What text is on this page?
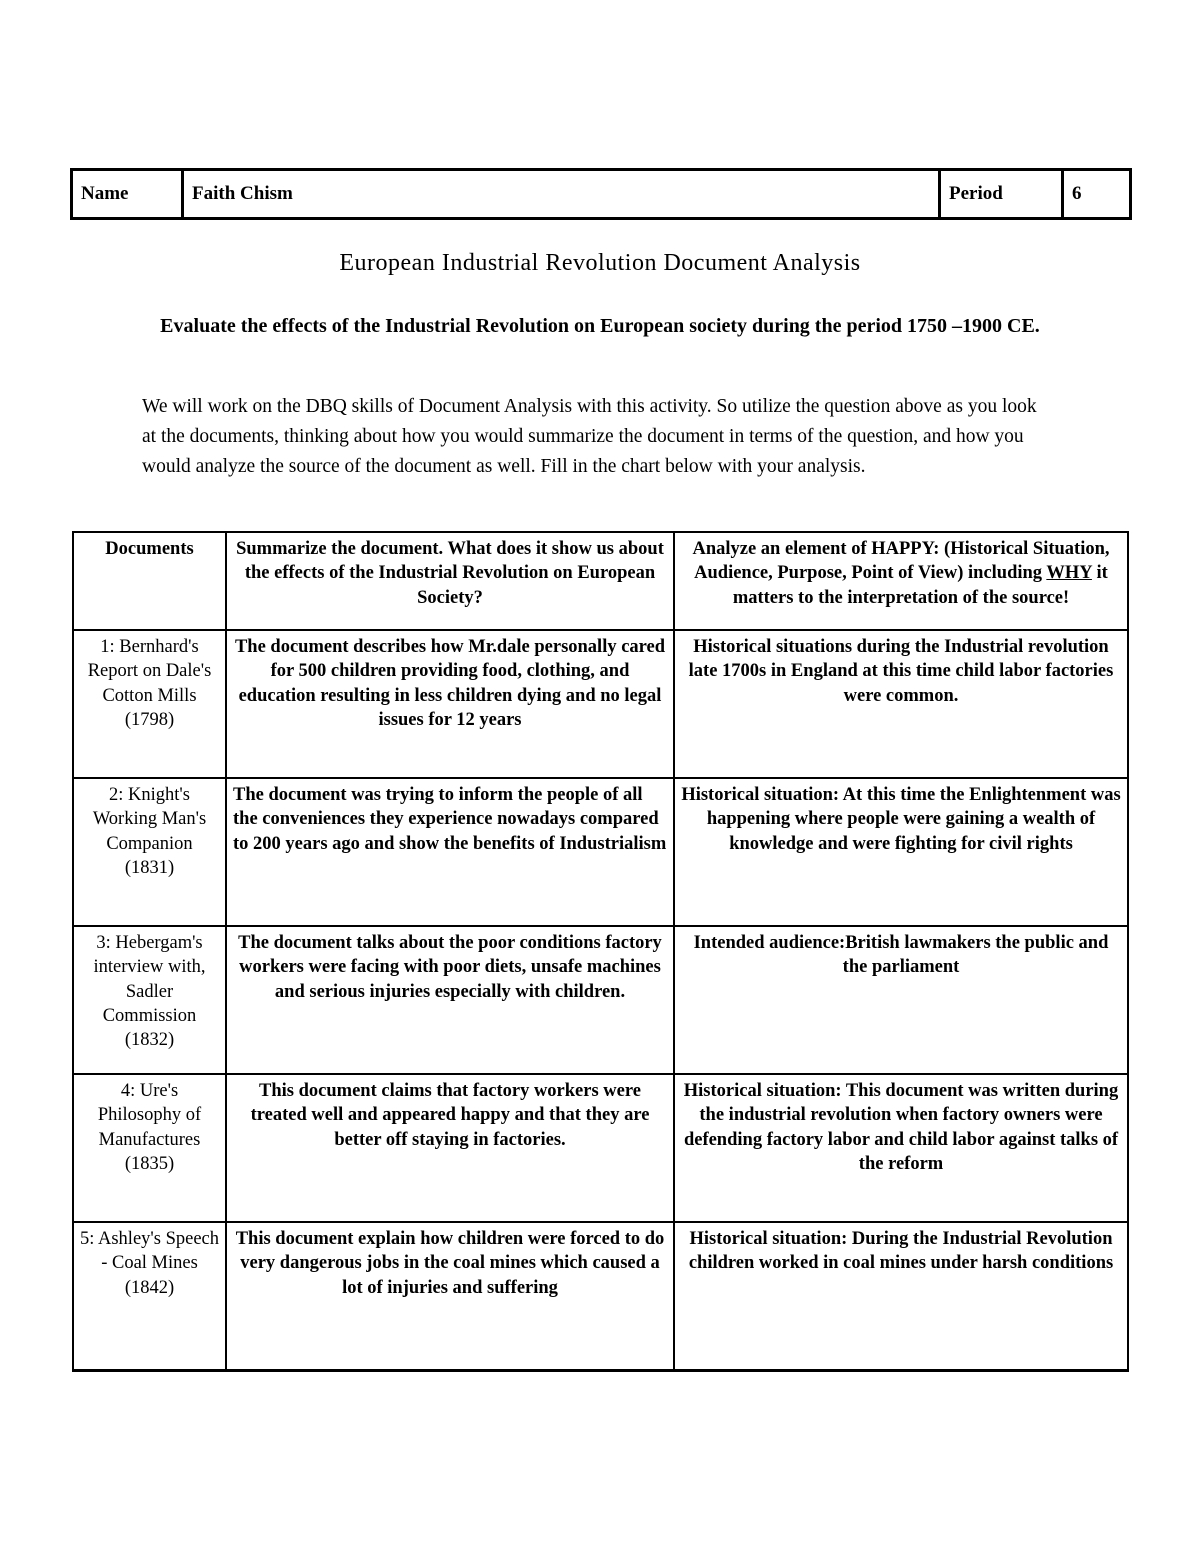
Name	Faith Chism	Period	6
European Industrial Revolution Document Analysis
Evaluate the effects of the Industrial Revolution on European society during the period 1750 –1900 CE.
We will work on the DBQ skills of Document Analysis with this activity. So utilize the question above as you look at the documents, thinking about how you would summarize the document in terms of the question, and how you would analyze the source of the document as well. Fill in the chart below with your analysis.
Documents	Summarize the document. What does it show us about the effects of the Industrial Revolution on European Society?	Analyze an element of HAPPY: (Historical Situation, Audience, Purpose, Point of View) including WHY it matters to the interpretation of the source!
1: Bernhard's Report on Dale's Cotton Mills (1798)	The document describes how Mr.dale personally cared for 500 children providing food, clothing, and education resulting in less children dying and no legal issues for 12 years	Historical situations during the Industrial revolution late 1700s in England at this time child labor factories were common.
2: Knight's Working Man's Companion (1831)	The document was trying to inform the people of all the conveniences they experience nowadays compared to 200 years ago and show the benefits of Industrialism	Historical situation: At this time the Enlightenment was happening where people were gaining a wealth of knowledge and were fighting for civil rights
3: Hebergam's interview with, Sadler Commission (1832)	The document talks about the poor conditions factory workers were facing with poor diets, unsafe machines and serious injuries especially with children.	Intended audience:British lawmakers the public and the parliament
4: Ure's Philosophy of Manufactures (1835)	This document claims that factory workers were treated well and appeared happy and that they are better off staying in factories.	Historical situation: This document was written during the industrial revolution when factory owners were defending factory labor and child labor against talks of the reform
5: Ashley's Speech - Coal Mines (1842)	This document explain how children were forced to do very dangerous jobs in the coal mines which caused a lot of injuries and suffering	Historical situation: During the Industrial Revolution children worked in coal mines under harsh conditions
